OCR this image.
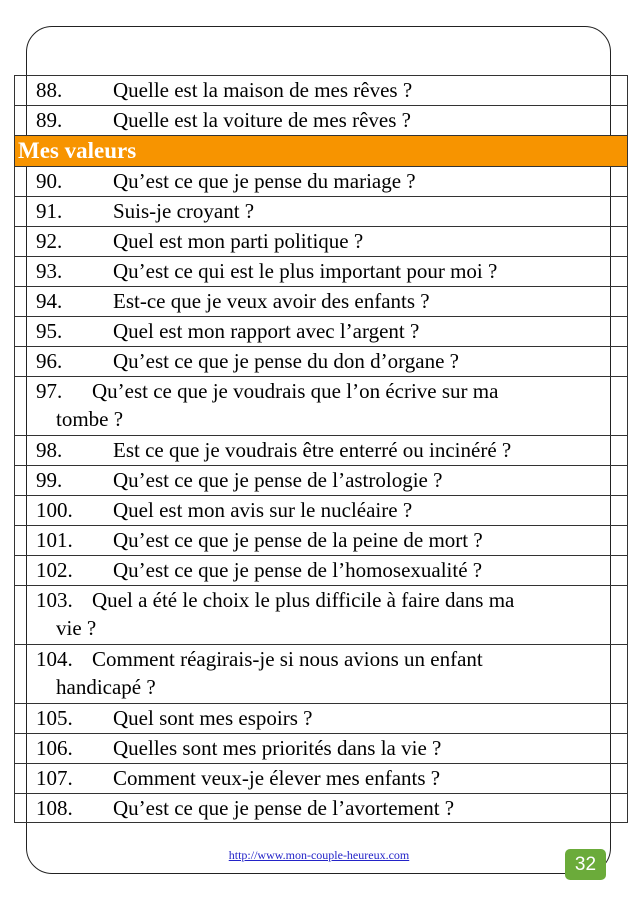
88.	Quelle est la maison de mes rêves ?
89.	Quelle est la voiture de mes rêves ?
Mes valeurs
90.	Qu’est ce que je pense du mariage ?
91.	Suis-je croyant ?
92.	Quel est mon parti politique ?
93.	Qu’est ce qui est le plus important pour moi ?
94.	Est-ce que je veux avoir des enfants ?
95.	Quel est mon rapport avec l’argent ?
96.	Qu’est ce que je pense du don d’organe ?
97. Qu’est ce que je voudrais que l’on écrive sur ma
tombe ?
98.	Est ce que je voudrais être enterré ou incinéré ?
99.	Qu’est ce que je pense de l’astrologie ?
100.	Quel est mon avis sur le nucléaire ?
101.	Qu’est ce que je pense de la peine de mort ?
102.	Qu’est ce que je pense de l’homosexualité ?
103. Quel a été le choix le plus difficile à faire dans ma
vie ?
104. Comment réagirais-je si nous avions un enfant
handicapé ?
105.	Quel sont mes espoirs ?
106.	Quelles sont mes priorités dans la vie ?
107.	Comment veux-je élever mes enfants ?
108.	Qu’est ce que je pense de l’avortement ?
http://www.mon-couple-heureux.com	32
